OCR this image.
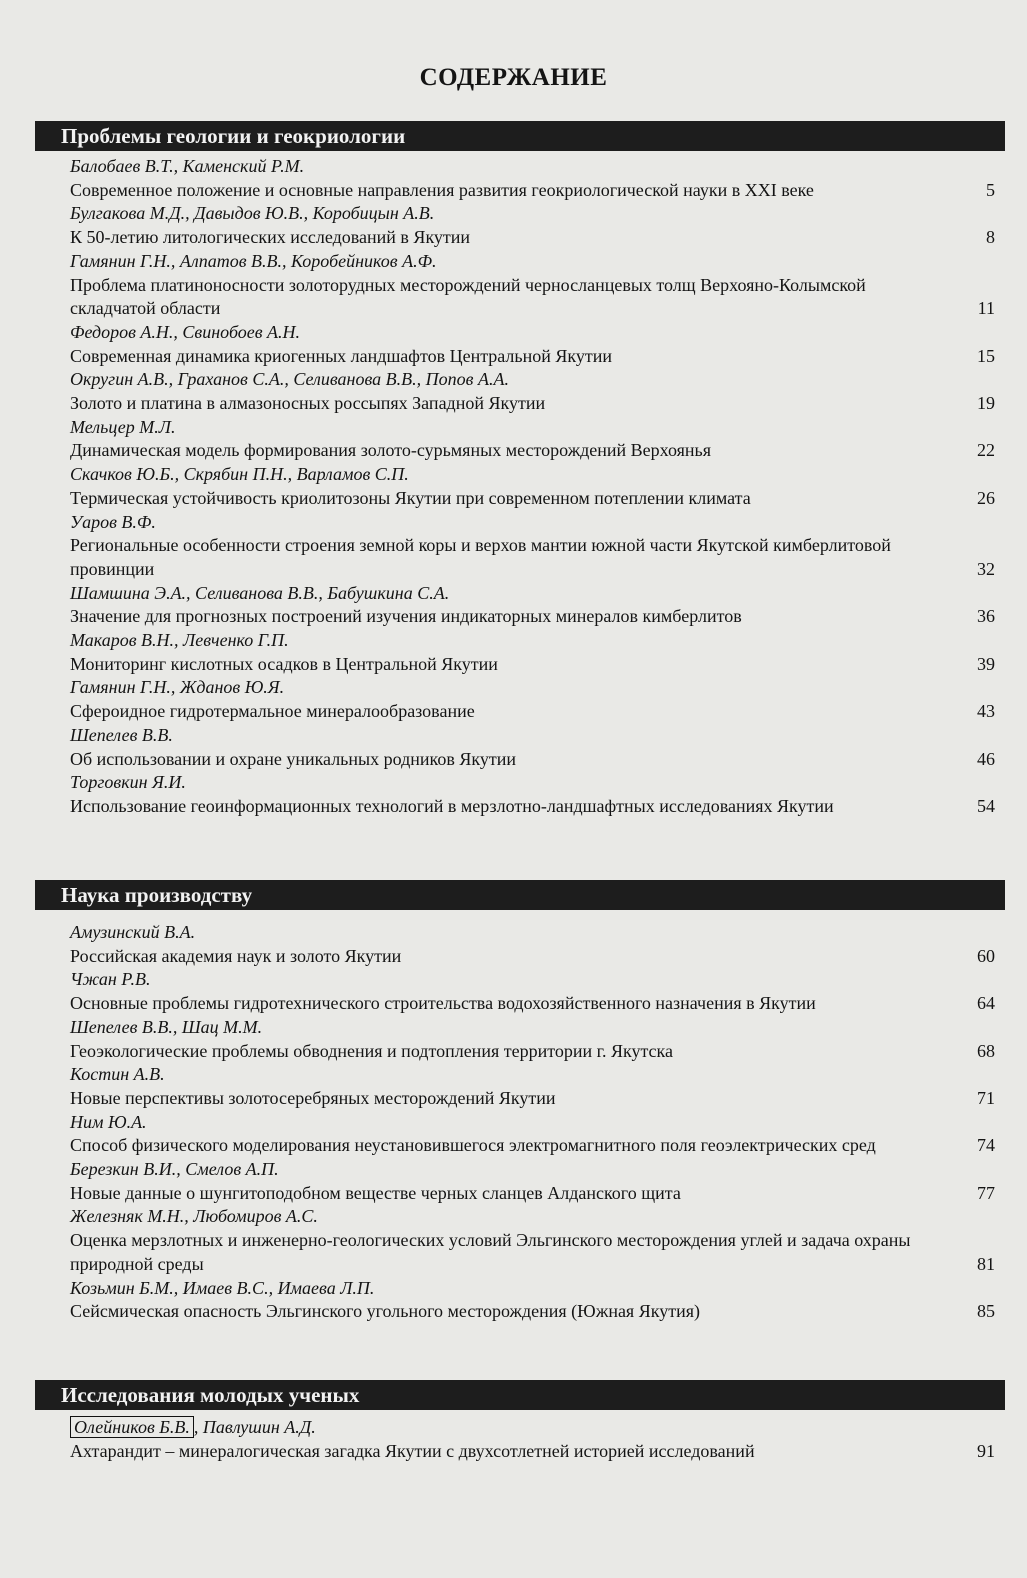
СОДЕРЖАНИЕ
Проблемы геологии и геокриологии
Балобаев В.Т., Каменский Р.М.
Современное положение и основные направления развития геокриологической науки в XXI веке	5
Булгакова М.Д., Давыдов Ю.В., Коробицын А.В.
К 50-летию литологических исследований в Якутии	8
Гамянин Г.Н., Алпатов В.В., Коробейников А.Ф.
Проблема платиноносности золоторудных месторождений черносланцевых толщ Верхояно-Колымской складчатой области	11
Федоров А.Н., Свинобоев А.Н.
Современная динамика криогенных ландшафтов Центральной Якутии	15
Округин А.В., Граханов С.А., Селиванова В.В., Попов А.А.
Золото и платина в алмазоносных россыпях Западной Якутии	19
Мельцер М.Л.
Динамическая модель формирования золото-сурьмяных месторождений Верхоянья	22
Скачков Ю.Б., Скрябин П.Н., Варламов С.П.
Термическая устойчивость криолитозоны Якутии при современном потеплении климата	26
Уаров В.Ф.
Региональные особенности строения земной коры и верхов мантии южной части Якутской кимберлитовой провинции	32
Шамшина Э.А., Селиванова В.В., Бабушкина С.А.
Значение для прогнозных построений изучения индикаторных минералов кимберлитов	36
Макаров В.Н., Левченко Г.П.
Мониторинг кислотных осадков в Центральной Якутии	39
Гамянин Г.Н., Жданов Ю.Я.
Сфероидное гидротермальное минералообразование	43
Шепелев В.В.
Об использовании и охране уникальных родников Якутии	46
Торговкин Я.И.
Использование геоинформационных технологий в мерзлотно-ландшафтных исследованиях Якутии	54
Наука производству
Амузинский В.А.
Российская академия наук и золото Якутии	60
Чжан Р.В.
Основные проблемы гидротехнического строительства водохозяйственного назначения в Якутии	64
Шепелев В.В., Шац М.М.
Геоэкологические проблемы обводнения и подтопления территории г. Якутска	68
Костин А.В.
Новые перспективы золотосеребряных месторождений Якутии	71
Ним Ю.А.
Способ физического моделирования неустановившегося электромагнитного поля геоэлектрических сред	74
Березкин В.И., Смелов А.П.
Новые данные о шунгитоподобном веществе черных сланцев Алданского щита	77
Железняк М.Н., Любомиров А.С.
Оценка мерзлотных и инженерно-геологических условий Эльгинского месторождения углей и задача охраны природной среды	81
Козьмин Б.М., Имаев В.С., Имаева Л.П.
Сейсмическая опасность Эльгинского угольного месторождения (Южная Якутия)	85
Исследования молодых ученых
Олейников Б.В. , Павлушин А.Д.
Ахтарандит – минералогическая загадка Якутии с двухсотлетней историей исследований	91
